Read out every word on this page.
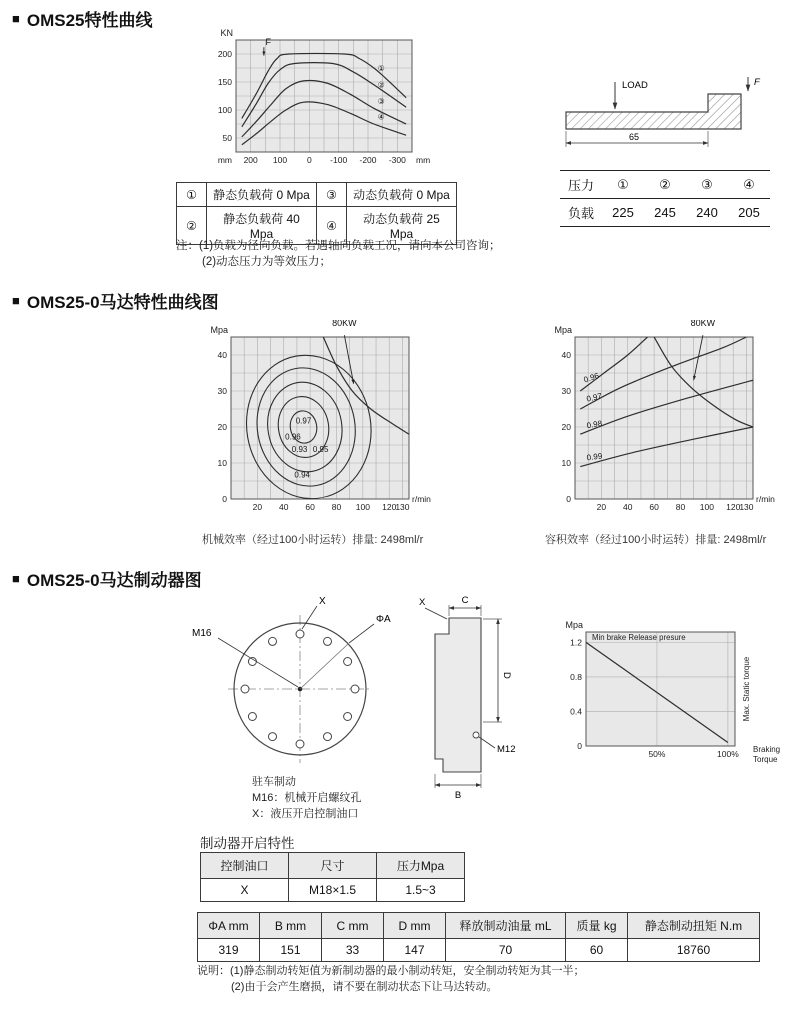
■ OMS25特性曲线
200 100 0 -100 -200 -300
50
100
150
200
KN
mm	mm
①
②
③
④
F
①	静态负载荷 0 Mpa	③	动态负载荷 0 Mpa
②	静态负载荷 40 Mpa	④	动态负载荷 25 Mpa
注：(1)负载为径向负载。若遇轴向负载工况，请向本公司咨询；
(2)动态压力为等效压力；
LOAD	F
65
压力	①	②	③	④
负载	225	245	240	205
■ OMS25-0马达特性曲线图
20 40 60 80 100 120
130
0
10
20
30
40
Mpa
r/min
0.97
0.96
0.93 0.95
0.94
80KW
机械效率（经过100小时运转）排量: 2498ml/r
20 40 60 80 100 120
130
0
10
20
30
40
Mpa
r/min
0.96
0.97
0.98
0.99
80KW
容积效率（经过100小时运转）排量: 2498ml/r
■ OMS25-0马达制动器图
ΦA
X
M16
驻车制动
M16：机械开启螺纹孔
X：液压开启控制油口
C
X
D
M12
B
50%	100%
0
0.4
0.8
1.2
Mpa
Min brake Release presure
Max. Static torque
Braking
Torque
制动器开启特性
控制油口	尺寸	压力Mpa
X	M18×1.5	1.5~3
ΦA mm	B mm	C mm	D mm	释放制动油量 mL	质量 kg	静态制动扭矩 N.m
319	151	33	147	70	60	18760
说明：(1)静态制动转矩值为新制动器的最小制动转矩，安全制动转矩为其一半；
(2)由于会产生磨损，请不要在制动状态下让马达转动。
